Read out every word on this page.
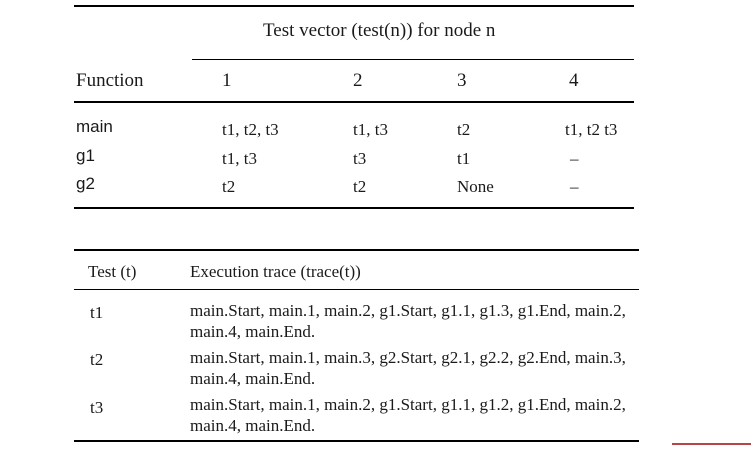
Test vector (test(n)) for node n
Function	1	2	3	4
main	t1, t2, t3	t1, t3	t2	t1, t2 t3
g1	t1, t3	t3	t1	–
g2	t2	t2	None	–
Test (t)	Execution trace (trace(t))
t1	main.Start, main.1, main.2, g1.Start, g1.1, g1.3, g1.End, main.2, main.4, main.End.
t2	main.Start, main.1, main.3, g2.Start, g2.1, g2.2, g2.End, main.3, main.4, main.End.
t3	main.Start, main.1, main.2, g1.Start, g1.1, g1.2, g1.End, main.2, main.4, main.End.
